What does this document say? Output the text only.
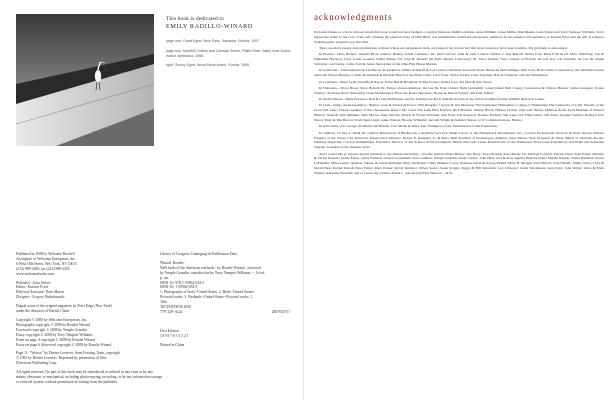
This book is dedicated to
EMILY RADILLO-WINARD
page one: Great Egret, New Pass, Sarasota, Florida, 1997
page two: Sandhill Cranes and Canada Geese, Platte River Valley near Grand Island, Nebraska, 1998
right: Snowy Egret, Anna Maria Island, Florida, 1996

Published in 2008 by Welcome Books®
An imprint of Welcome Enterprises, Inc.
6 West 18th Street, New York, NY 10011
(212) 989-3200; fax (212) 989-3205
www.welcomebooks.com

Publisher: Lena Tabori
Editor: Katrina Fried
Editorial Assistant: Kara Mason
Designer: Gregory Wakabayashi

Digital scans of the original negatives by Peter Edge (New York)
under the direction of Patrick Clinie

Copyright © 2008 by Welcome Enterprises, Inc.
Photographs copyright © 2008 by Rosalie Winard
Foreword copyright © 2008 by Temple Grandin
Essay copyright © 2008 by Terry Tempest Williams
Poem on page 4 copyright © 2008 by Rosalie Winard
Essay on page 6 Afterword copyright © 2008 by Rosalie Winard

Page 11: "Winsor" by Denise Levertov, from Evening Train, copyright
© 1992 by Denise Levertov. Reprinted by permission of New
Directions Publishing Corp.

All rights reserved. No part of this book may be reproduced or utilized in any form or by any
means, electronic or mechanical, including photocopying, recording, or by any information storage
or retrieval system, without permission in writing from the publisher.

Library of Congress Cataloging-in-Publication Data

Winard, Rosalie.
Wild birds of the American wetlands / by Rosalie Winard ; foreword
by Temple Grandin ; introduction by Terry Tempest Williams. -- 1st ed.
p. cm.
ISBN-10: 978-1-59962-034-5
ISBN-10: 1-59962-034-9
1. Photography of birds--United States. 2. Birds--United States--
Pictorial works. 3. Wetlands--United States--Pictorial works. I.
Title.
TR729.B5W56 2008
779'.328--dc22	2007043711

First Edition
10 9 8 7 6 5 4 3 2 1

Printed in China

acknowledgments

Profound thanks to a flock without whom this book would not have fledged—Catalyst Drayton, Judith Goldman, Anne Millikin, Jones Millin, Julie Meeks, Lena Tabori and Terry Tempest Williams. Terry helped me return to the core of my self. Owning the physical body of Wild Birds was immediately facilitated and greatly enhanced by the patience and guidance of Katrina Fried and the gift of Gregory Wakabayashi's exquisite eye and calm.

There are many people and organizations without whose encouragement, help, and support my travels and this book would not have been possible. My gratitude is unbounded.

In Florida—Chris Becker; Jennifer Brod; Andrew Bishop; Kristi Caudebec; Dr. Paul Carlson; Julie & John Connor; Debbie C Ray Bausch; Marty Folk; Ruth Folit & Dr. Marc Weinberg; Lee & Samantha Harrison; Capt. Louis Leonard; Emily Meuse; Dr. John B. Mozell; the Mote Marine Laboratory; Dr. Steve Nesbitt; New College of Florida; the late Kay von Schmidt; the late Dr. Ralph Schreiber; and Ginny, Colin, Tom & Jessie Skowayski of the Ohio Fish House Marina.

In California—Tim Anderson & Liz Barron du Audubon; Jimmy Arnimoff & Los Cerritos Wetlands Stewards; Peter Barnes & Mesa Refuge; Pam Case; Bolsa Chica Conservancy; the Wetlands Action Network; Eileen Murphy; Connie Roudebush & Matilda Hirsch of the Bolsa Chica Land Trust; Taylor Parker; Chris Topping; Marcia Somerset; and Jan Williamson.

In Louisiana—Mary Lynn Choulffe & Rayou Teche Bed & Breakfast; Elaine Fortier; Danny Ives; and Matt & Ann Sevey.

In Nebraska—Tricia Brose; Steve Brandt; Dr. Felipe Chavez-Ramirez; the late Dr. Paul Currier; Beth Goldsmith; Grand Island Hall County Convention & Visitors Bureau; James Jenniges; Donna Vanlloy; the Platte River Whooping Crane Maintenance Trust; the Rowe Sanctuary; Bonne & Renate Sattley; and Paul Tebbel.

In North Dakota—Mick Erickson; Deb & Craig Hoffmann; and Dr. Tommy Lee & Dr. Marsha Sovada of the USGS Northern Prairie Wildlife Research Center.

In Utah—Ringo Anderson-Pierce; Digital, Lynn & Patrick & Porter; Phil Douglas; Carolyn & Jim Dreyfous; Environmental Humanities College of Humanities The University of Utah; Friends of the Great Salt Lake; Thayne Gethner of the Chesapeake Duck Club; Great Salt Lake Bird Festival; Rich Hansen; Johnny Hatch; Helena Levine; John Luft; Becky Matthew & the Utah Museum of Natural History; Anne & John Milliken; Julie Moore; Anne Neville; Robert & Vickie Newman; Don Paul; Joel Peterson; Deanna Poulsen; Salt Lake City Film Center; Jeff Saltz; Stephen Steudel; Kathryn Toll; Nancy Truty & Tim Brown; Utah Open Lands; Anne Watson; Brooke Williams; and Jeff Wright & Jennifer Shaver of W Communications, Helena.

In Wisconsin—Dr. George Archibald, Jeb Barzen, Curt Meine & Mary Ann Wellington of the International Crane Foundation.

In addition, I'd like to thank Dr. Charles Birnbroeck of Birnbroeck Consultant Services; Hugh Carolo of the Hackensack Riverkeeper, Inc.; Coastal Professional Services & Drew Sports; Marion Frappier of the Jersey City Reservoir Preservation Alliance; Robert E. Kennedy, Jr. & Mary Beth Postman of Waterkeeper Alliance; Kara Mason, Erin Norgaard & Wade Shiloh of Welcome Books; Pentland magazine; Carolyn Rathmeltgen, Executive Director of the Science & Environmental Health Network; Leslie Rosdi-Evans of the Wilderness Road Land Foundation; and Erika and Sebastian Salgado, founders of the Instituto Terra.

And I would like to express special gratitude to my friends and family—Yvonne Adrian; Diana Burrey; Sue Barry; Terry Bruene; Zetta Brody; Dr. Michael Cradoch; Patrick Cline; Kate Edgar; Melanie & Vivian Epstein; Alexis Farley; Abby Fullrich; Lauren Goodsmith; Jean Godman; Temple Grandin; Andy Greene; John Haas; Joel & Rose Ingalls; Barbara Kane; Martha Kaplan; Shelia Kindhiel; David LaFleisher; Mina Laster; Quinton, Salena, & Susan Mattingu; Mary McDonie; Cindy Mueller; Carol; Norman, Orlan & Alyssa Mount; Mary B. Morgan; Fred Murris; Tom Nissim; Jimmy Ocho; Clara & David Park; Rachel Park & Dave Fuller; Mary Parker; Kristy Reichert; Oliver Sacks; Susan Scaggs; Peggy & Bill Sebastian; Joel Schwartz; Linda Smokbeare; Ann Toms; John Weber; Allan & Ellen Wexler; Adrienne Woorum; and of course my parents, Arline L. and the late Eliot Winard. —R.W.
